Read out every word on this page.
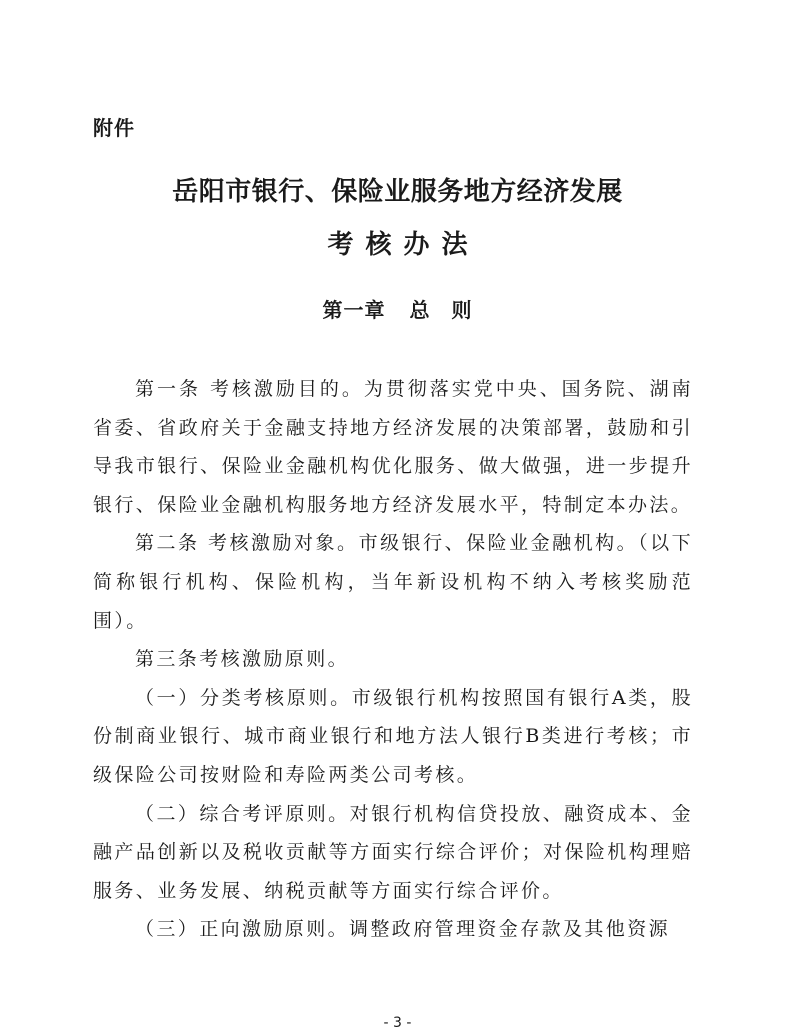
附件
岳阳市银行、保险业服务地方经济发展
考核办法
第一章 总　则

第一条 考核激励目的。为贯彻落实党中央、国务院、湖南省委、省政府关于金融支持地方经济发展的决策部署，鼓励和引导我市银行、保险业金融机构优化服务、做大做强，进一步提升银行、保险业金融机构服务地方经济发展水平，特制定本办法。

第二条 考核激励对象。市级银行、保险业金融机构。（以下简称银行机构、保险机构，当年新设机构不纳入考核奖励范围）。

第三条考核激励原则。

（一）分类考核原则。市级银行机构按照国有银行A类，股份制商业银行、城市商业银行和地方法人银行B类进行考核；市级保险公司按财险和寿险两类公司考核。

（二）综合考评原则。对银行机构信贷投放、融资成本、金融产品创新以及税收贡献等方面实行综合评价；对保险机构理赔服务、业务发展、纳税贡献等方面实行综合评价。

（三）正向激励原则。调整政府管理资金存款及其他资源

- 3 -
